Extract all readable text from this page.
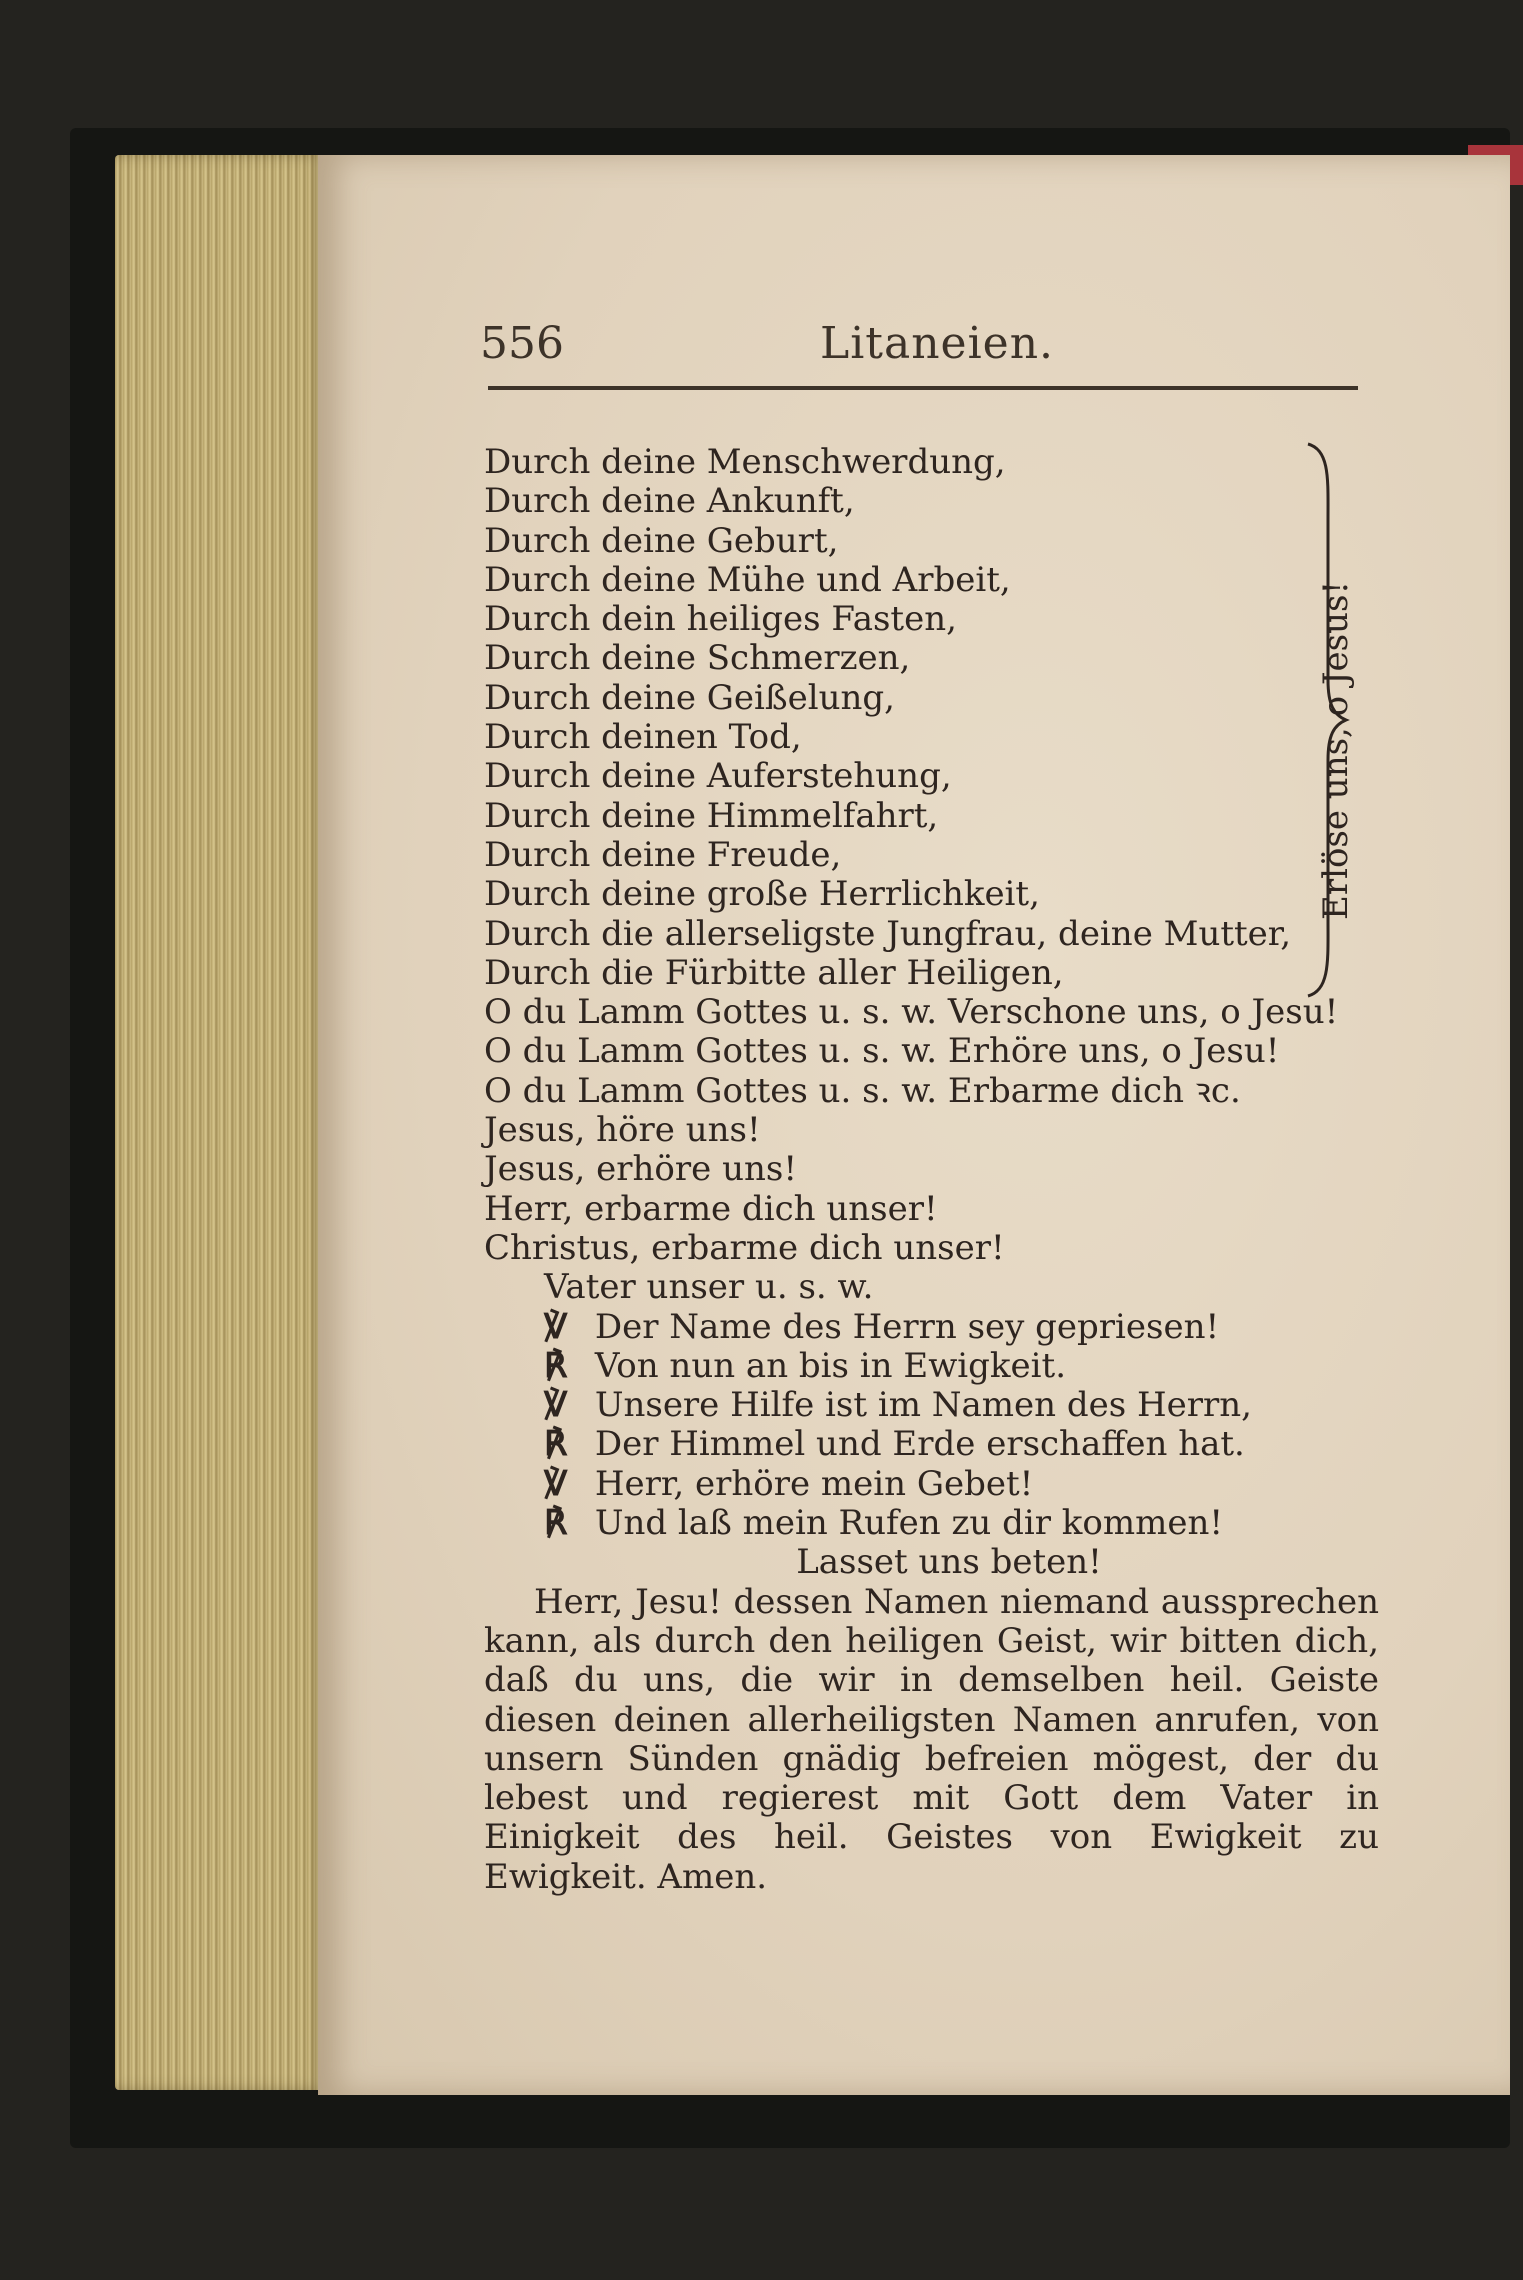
556	Litaneien.
Durch deine Menschwerdung,
Durch deine Ankunft,
Durch deine Geburt,
Durch deine Mühe und Arbeit,
Durch dein heiliges Fasten,
Durch deine Schmerzen,
Durch deine Geißelung,
Durch deinen Tod,
Durch deine Auferstehung,
Durch deine Himmelfahrt,
Durch deine Freude,
Durch deine große Herrlichkeit,
Durch die allerseligste Jungfrau, deine Mutter,
Durch die Fürbitte aller Heiligen,
O du Lamm Gottes u. s. w. Verschone uns, o Jesu!
O du Lamm Gottes u. s. w. Erhöre uns, o Jesu!
O du Lamm Gottes u. s. w. Erbarme dich ꝛc.
Jesus, höre uns!
Jesus, erhöre uns!
Herr, erbarme dich unser!
Christus, erbarme dich unser!
Vater unser u. s. w.
℣ Der Name des Herrn sey gepriesen!
℟ Von nun an bis in Ewigkeit.
℣ Unsere Hilfe ist im Namen des Herrn,
℟ Der Himmel und Erde erschaffen hat.
℣ Herr, erhöre mein Gebet!
℟ Und laß mein Rufen zu dir kommen!
Lasset uns beten!
Herr, Jesu! dessen Namen niemand aussprechen kann, als durch den heiligen Geist, wir bitten dich, daß du uns, die wir in demselben heil. Geiste diesen deinen allerheiligsten Namen anrufen, von unsern Sünden gnädig befreien mögest, der du lebest und regierest mit Gott dem Vater in Einigkeit des heil. Geistes von Ewigkeit zu Ewigkeit. Amen.
Erlöse uns, o Jesus!
